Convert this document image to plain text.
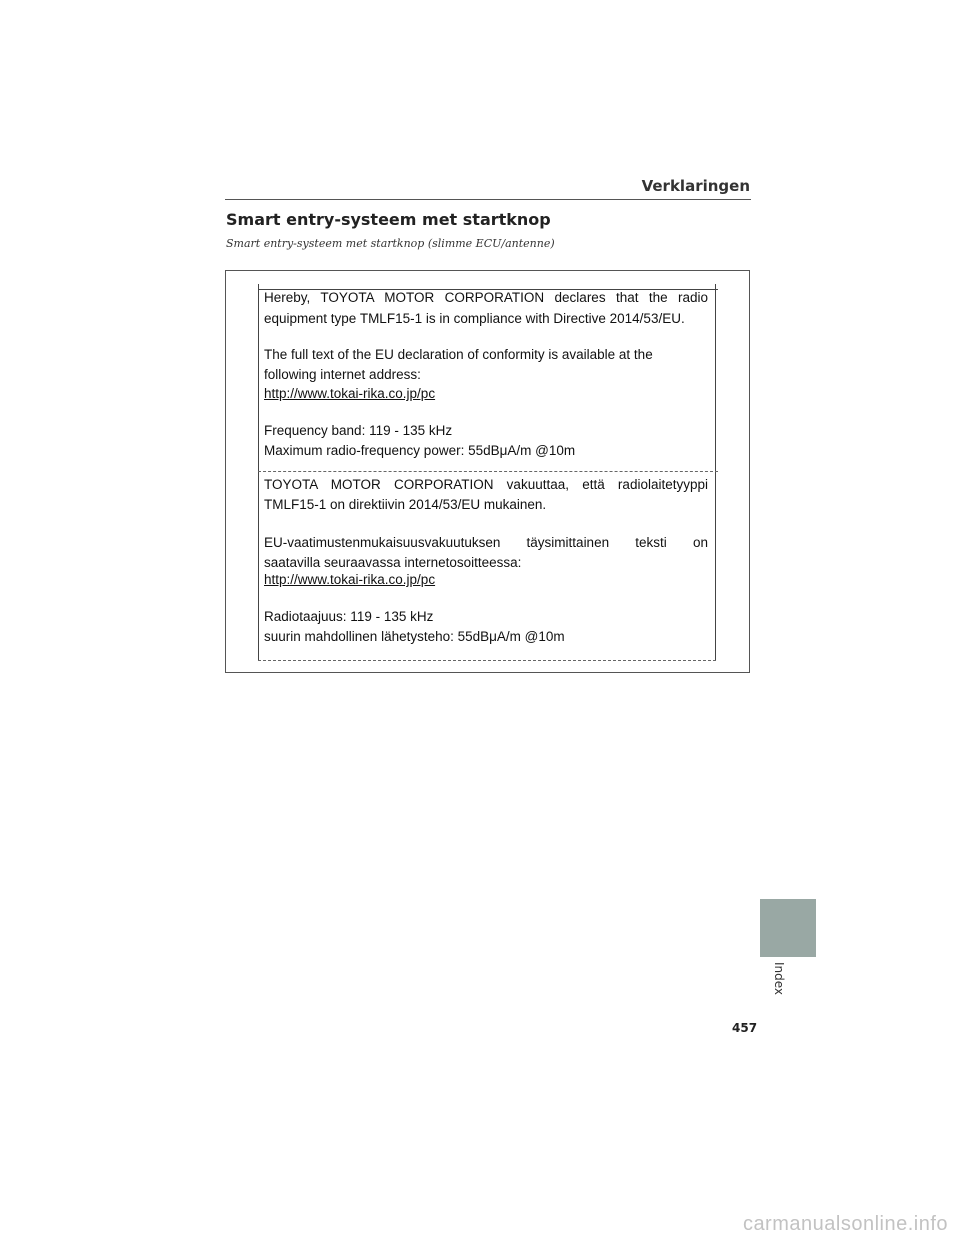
Verklaringen
Smart entry-systeem met startknop
Smart entry-systeem met startknop (slimme ECU/antenne)
Hereby, TOYOTA MOTOR CORPORATION declares that the radio
equipment type TMLF15-1 is in compliance with Directive 2014/53/EU.
The full text of the EU declaration of conformity is available at the
following internet address:
http://www.tokai-rika.co.jp/pc
Frequency band: 119 - 135 kHz
Maximum radio-frequency power: 55dBμA/m @10m
TOYOTA MOTOR CORPORATION vakuuttaa, että radiolaitetyyppi
TMLF15-1 on direktiivin 2014/53/EU mukainen.
EU-vaatimustenmukaisuusvakuutuksen täysimittainen teksti on
saatavilla seuraavassa internetosoitteessa:
http://www.tokai-rika.co.jp/pc
Radiotaajuus: 119 - 135 kHz
suurin mahdollinen lähetysteho: 55dBμA/m @10m
Index
457
carmanualsonline.info
